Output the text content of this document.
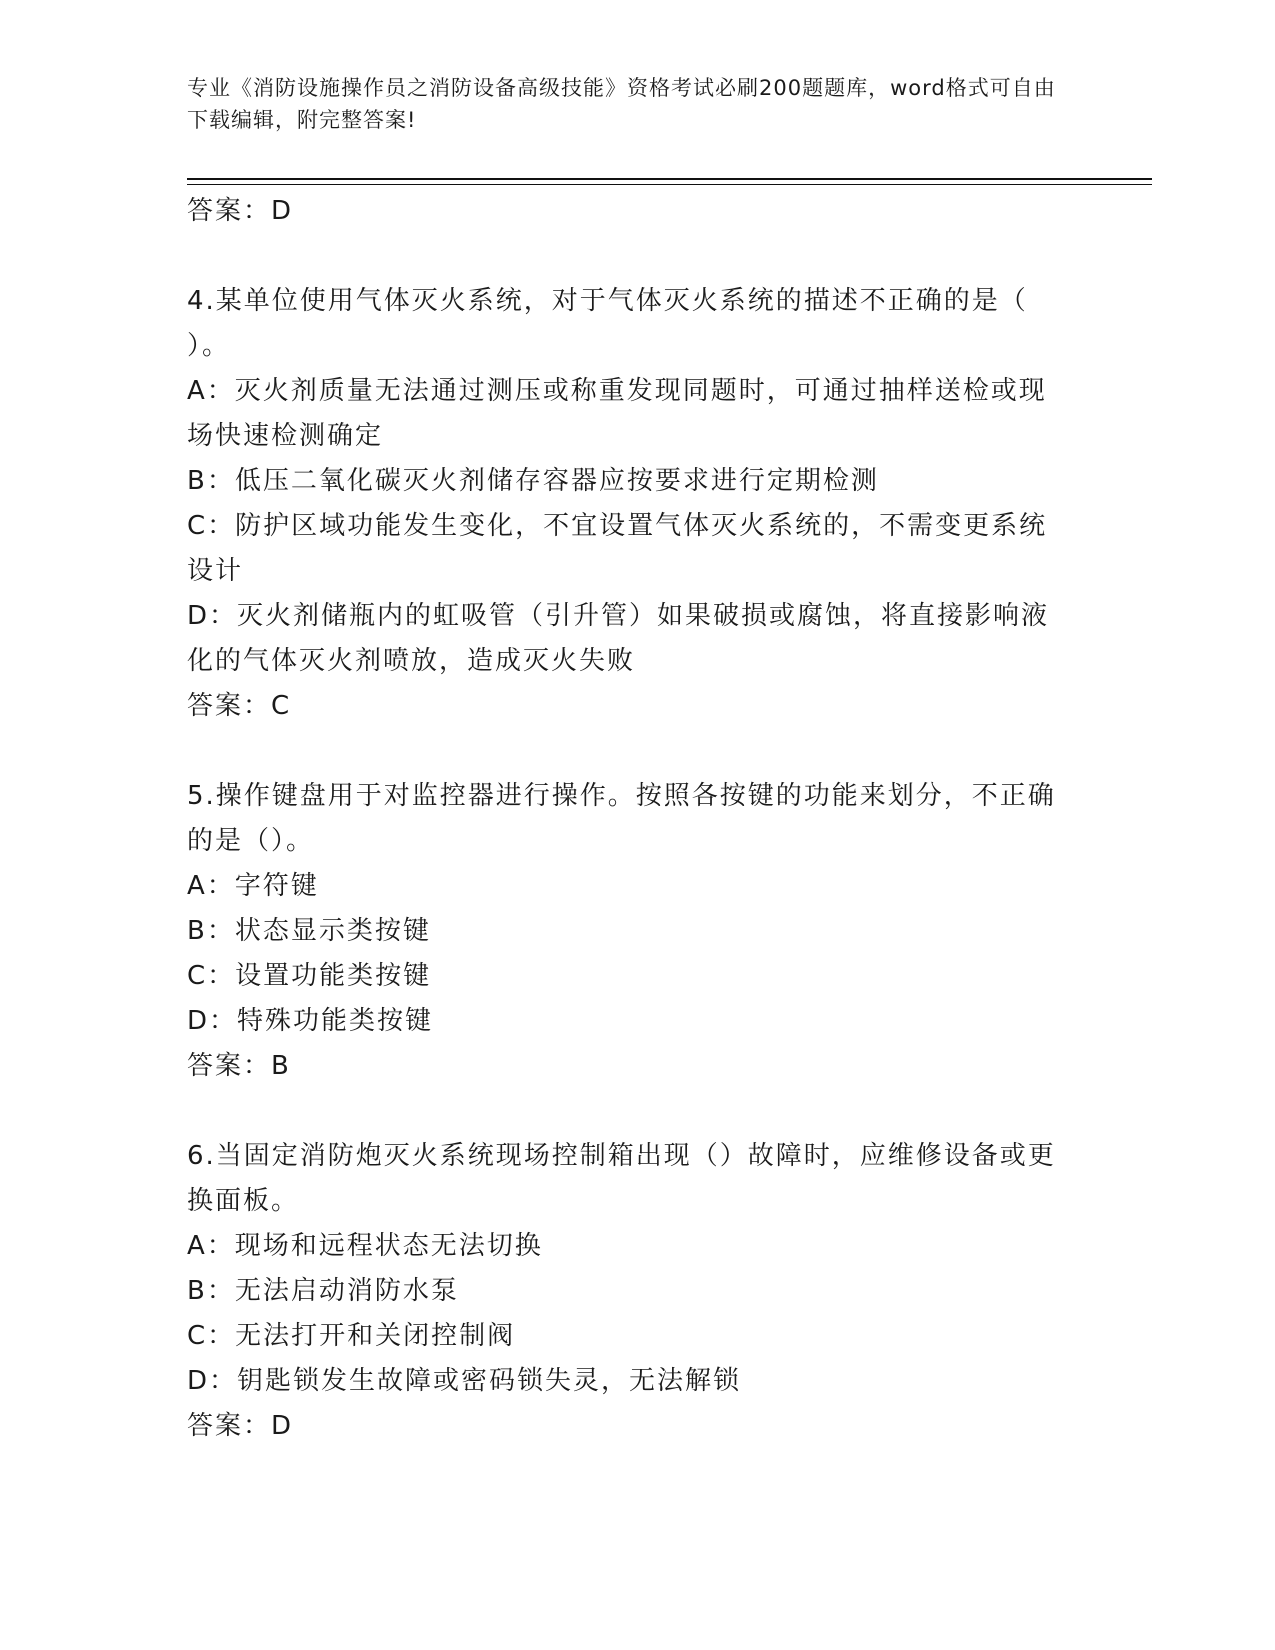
专业《消防设施操作员之消防设备高级技能》资格考试必刷200题题库，word格式可自由下载编辑，附完整答案!
答案：D
4.某单位使用气体灭火系统，对于气体灭火系统的描述不正确的是（ ）。
A：灭火剂质量无法通过测压或称重发现同题时，可通过抽样送检或现场快速检测确定
B：低压二氧化碳灭火剂储存容器应按要求进行定期检测
C：防护区域功能发生变化，不宜设置气体灭火系统的，不需变更系统设计
D：灭火剂储瓶内的虹吸管（引升管）如果破损或腐蚀，将直接影响液化的气体灭火剂喷放，造成灭火失败
答案：C
5.操作键盘用于对监控器进行操作。按照各按键的功能来划分，不正确的是（）。
A：字符键
B：状态显示类按键
C：设置功能类按键
D：特殊功能类按键
答案：B
6.当固定消防炮灭火系统现场控制箱出现（）故障时，应维修设备或更换面板。
A：现场和远程状态无法切换
B：无法启动消防水泵
C：无法打开和关闭控制阀
D：钥匙锁发生故障或密码锁失灵，无法解锁
答案：D
